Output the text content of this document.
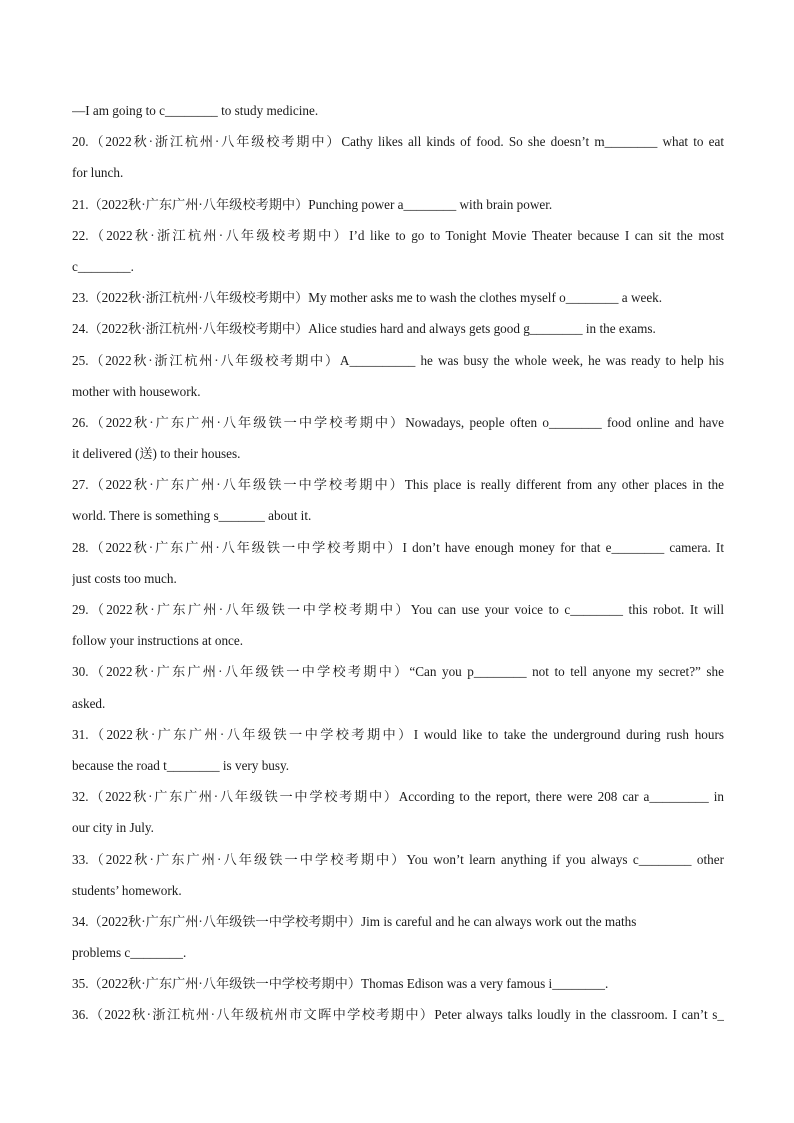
—I am going to c________ to study medicine.
20.（2022秋·浙江杭州·八年级校考期中）Cathy likes all kinds of food. So she doesn’t m________ what to eat
for lunch.
21.（2022秋·广东广州·八年级校考期中）Punching power a________ with brain power.
22.（2022秋·浙江杭州·八年级校考期中）I’d like to go to Tonight Movie Theater because I can sit the most
c________.
23.（2022秋·浙江杭州·八年级校考期中）My mother asks me to wash the clothes myself o________ a week.
24.（2022秋·浙江杭州·八年级校考期中）Alice studies hard and always gets good g________ in the exams.
25.（2022秋·浙江杭州·八年级校考期中）A__________ he was busy the whole week, he was ready to help his
mother with housework.
26.（2022秋·广东广州·八年级铁一中学校考期中）Nowadays, people often o________ food online and have
it delivered (送) to their houses.
27.（2022秋·广东广州·八年级铁一中学校考期中）This place is really different from any other places in the
world. There is something s_______ about it.
28.（2022秋·广东广州·八年级铁一中学校考期中）I don’t have enough money for that e________ camera. It
just costs too much.
29.（2022秋·广东广州·八年级铁一中学校考期中）You can use your voice to c________ this robot. It will
follow your instructions at once.
30.（2022秋·广东广州·八年级铁一中学校考期中）“Can you p________ not to tell anyone my secret?” she
asked.
31.（2022秋·广东广州·八年级铁一中学校考期中）I would like to take the underground during rush hours
because the road t________ is very busy.
32.（2022秋·广东广州·八年级铁一中学校考期中）According to the report, there were 208 car a_________ in
our city in July.
33.（2022秋·广东广州·八年级铁一中学校考期中）You won’t learn anything if you always c________ other
students’ homework.
34.（2022秋·广东广州·八年级铁一中学校考期中）Jim is careful and he can always work out the maths
problems c________.
35.（2022秋·广东广州·八年级铁一中学校考期中）Thomas Edison was a very famous i________.
36.（2022秋·浙江杭州·八年级杭州市文晖中学校考期中）Peter always talks loudly in the classroom. I can’t s_
